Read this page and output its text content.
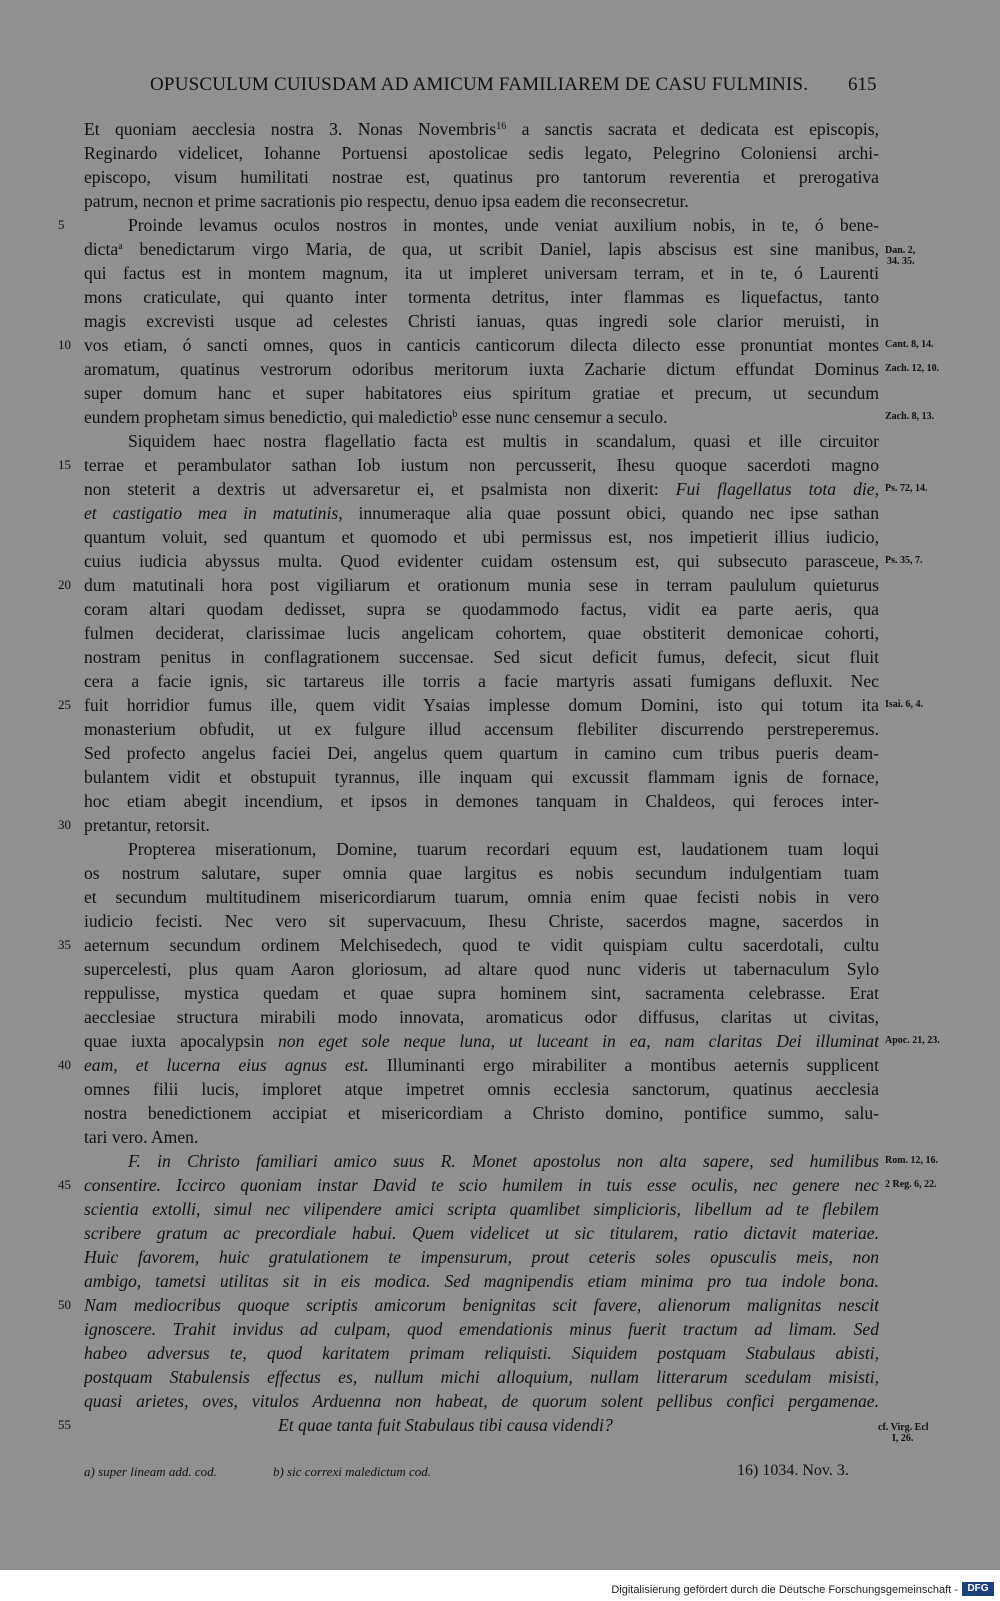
OPUSCULUM CUIUSDAM AD AMICUM FAMILIAREM DE CASU FULMINIS. 615
Et quoniam aecclesia nostra 3. Nonas Novembris$^{16}$ a sanctis sacrata et dedicata est episcopis,
Reginardo videlicet, Iohanne Portuensi apostolicae sedis legato, Pelegrino Coloniensi archi-
episcopo, visum humilitati nostrae est, quatinus pro tantorum reverentia et prerogativa
patrum, necnon et prime sacrationis pio respectu, denuo ipsa eadem die reconsecretur.
Proinde levamus oculos nostros in montes, unde veniat auxilium nobis, in te, ó bene-
dicta$^a$ benedictarum virgo Maria, de qua, ut scribit Daniel, lapis abscisus est sine manibus,
qui factus est in montem magnum, ita ut impleret universam terram, et in te, ó Laurenti
mons craticulate, qui quanto inter tormenta detritus, inter flammas es liquefactus, tanto
magis excrevisti usque ad celestes Christi ianuas, quas ingredi sole clarior meruisti, in
vos etiam, ó sancti omnes, quos in canticis canticorum dilecta dilecto esse pronuntiat montes
aromatum, quatinus vestrorum odoribus meritorum iuxta Zacharie dictum effundat Dominus
super domum hanc et super habitatores eius spiritum gratiae et precum, ut secundum
eundem prophetam simus benedictio, qui maledictio$^b$ esse nunc censemur a seculo.
Siquidem haec nostra flagellatio facta est multis in scandalum, quasi et ille circuitor
terrae et perambulator sathan Iob iustum non percusserit, Ihesu quoque sacerdoti magno
non steterit a dextris ut adversaretur ei, et psalmista non dixerit: Fui flagellatus tota die,
et castigatio mea in matutinis, innumeraque alia quae possunt obici, quando nec ipse sathan
quantum voluit, sed quantum et quomodo et ubi permissus est, nos impetierit illius iudicio,
cuius iudicia abyssus multa. Quod evidenter cuidam ostensum est, qui subsecuto parasceue,
dum matutinali hora post vigiliarum et orationum munia sese in terram paululum quieturus
coram altari quodam dedisset, supra se quodammodo factus, vidit ea parte aeris, qua
fulmen deciderat, clarissimae lucis angelicam cohortem, quae obstiterit demonicae cohorti,
nostram penitus in conflagrationem succensae. Sed sicut deficit fumus, defecit, sicut fluit
cera a facie ignis, sic tartareus ille torris a facie martyris assati fumigans defluxit. Nec
fuit horridior fumus ille, quem vidit Ysaias implesse domum Domini, isto qui totum ita
monasterium obfudit, ut ex fulgure illud accensum flebiliter discurrendo perstreperemus.
Sed profecto angelus faciei Dei, angelus quem quartum in camino cum tribus pueris deam-
bulantem vidit et obstupuit tyrannus, ille inquam qui excussit flammam ignis de fornace,
hoc etiam abegit incendium, et ipsos in demones tanquam in Chaldeos, qui feroces inter-
pretantur, retorsit.
Propterea miserationum, Domine, tuarum recordari equum est, laudationem tuam loqui
os nostrum salutare, super omnia quae largitus es nobis secundum indulgentiam tuam
et secundum multitudinem misericordiarum tuarum, omnia enim quae fecisti nobis in vero
iudicio fecisti. Nec vero sit supervacuum, Ihesu Christe, sacerdos magne, sacerdos in
aeternum secundum ordinem Melchisedech, quod te vidit quispiam cultu sacerdotali, cultu
supercelesti, plus quam Aaron gloriosum, ad altare quod nunc videris ut tabernaculum Sylo
reppulisse, mystica quedam et quae supra hominem sint, sacramenta celebrasse. Erat
aecclesiae structura mirabili modo innovata, aromaticus odor diffusus, claritas ut civitas,
quae iuxta apocalypsin non eget sole neque luna, ut luceant in ea, nam claritas Dei illuminat
eam, et lucerna eius agnus est. Illuminanti ergo mirabiliter a montibus aeternis supplicent
omnes filii lucis, imploret atque impetret omnis ecclesia sanctorum, quatinus aecclesia
nostra benedictionem accipiat et misericordiam a Christo domino, pontifice summo, salu-
tari vero. Amen.
F. in Christo familiari amico suus R. Monet apostolus non alta sapere, sed humilibus
consentire. Iccirco quoniam instar David te scio humilem in tuis esse oculis, nec genere nec
scientia extolli, simul nec vilipendere amici scripta quamlibet simplicioris, libellum ad te flebilem
scribere gratum ac precordiale habui. Quem videlicet ut sic titularem, ratio dictavit materiae.
Huic favorem, huic gratulationem te impensurum, prout ceteris soles opusculis meis, non
ambigo, tametsi utilitas sit in eis modica. Sed magnipendis etiam minima pro tua indole bona.
Nam mediocribus quoque scriptis amicorum benignitas scit favere, alienorum malignitas nescit
ignoscere. Trahit invidus ad culpam, quod emendationis minus fuerit tractum ad limam. Sed
habeo adversus te, quod karitatem primam reliquisti. Siquidem postquam Stabulaus abisti,
postquam Stabulensis effectus es, nullum michi alloquium, nullam litterarum scedulam misisti,
quasi arietes, oves, vitulos Arduenna non habeat, de quorum solent pellibus confici pergamenae.
Et quae tanta fuit Stabulaus tibi causa videndi?
5
10
15
20
25
30
35
40
45
50
55
Dan. 2,
34. 35.
Cant. 8, 14.
Zach. 12, 10.
Zach. 8, 13.
Ps. 72, 14.
Ps. 35, 7.
Isai. 6, 4.
Apoc. 21, 23.
Rom. 12, 16.
2 Reg. 6, 22.
cf. Virg. Ecl
I, 26.
a) super lineam add. cod.	b) sic correxi maledictum cod.	16) 1034. Nov. 3.
Digitalisierung gefördert durch die Deutsche Forschungsgemeinschaft - DFG
